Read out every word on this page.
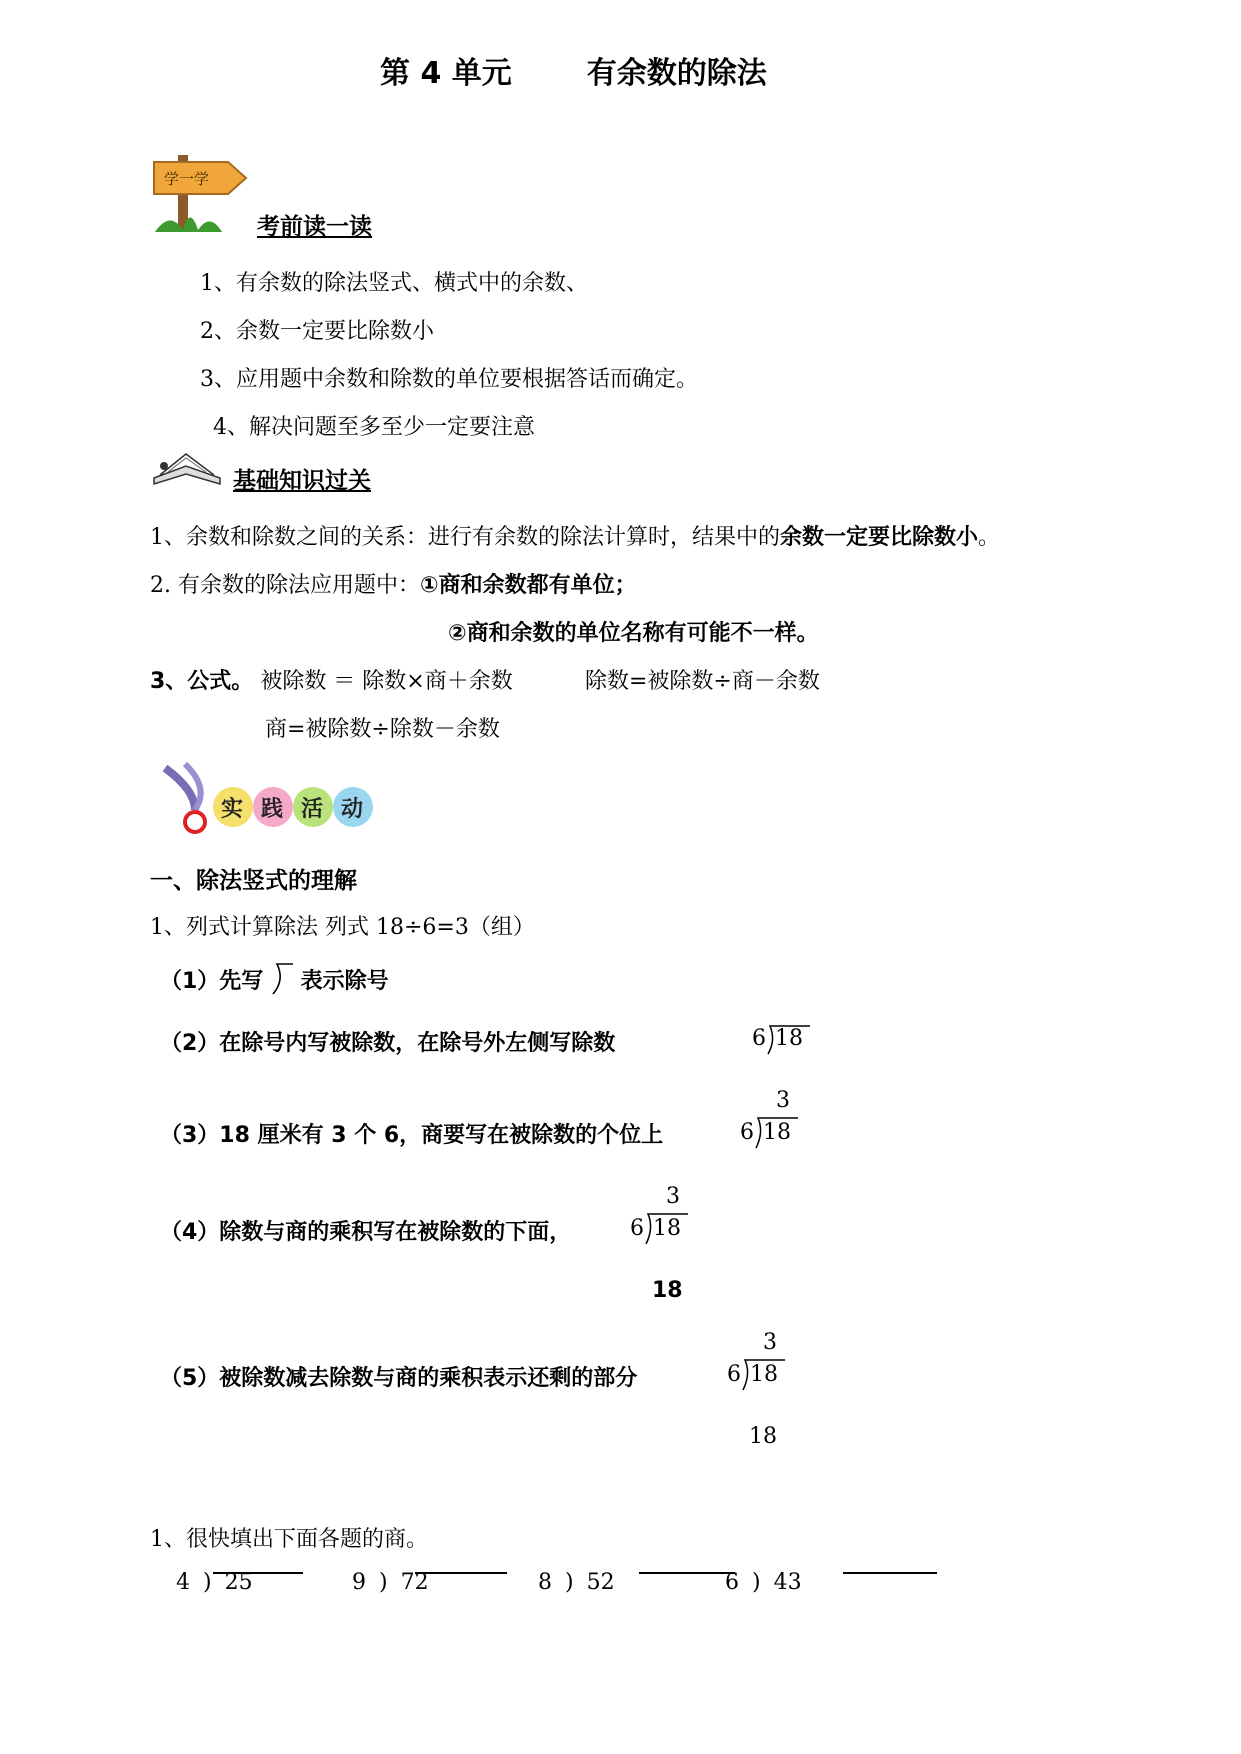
第 4 单元	有余数的除法
学一学
考前读一读
1、有余数的除法竖式、横式中的余数、
2、余数一定要比除数小
3、应用题中余数和除数的单位要根据答话而确定。
4、解决问题至多至少一定要注意
基础知识过关
1、余数和除数之间的关系：进行有余数的除法计算时，结果中的余数一定要比除数小。
2. 有余数的除法应用题中：①商和余数都有单位；
②商和余数的单位名称有可能不一样。
3、公式。 被除数 ＝ 除数×商＋余数	除数=被除数÷商－余数
商=被除数÷除数－余数
实 践 活 动
一、除法竖式的理解
1、列式计算除法 列式 18÷6=3（组）
（1）先写 表示除号
（2）在除号内写被除数，在除号外左侧写除数	6 18
（3）18 厘米有 3 个 6，商要写在被除数的个位上
3
6 18
（4）除数与商的乘积写在被除数的下面，
3
6 18
18
（5）被除数减去除数与商的乘积表示还剩的部分
3
6 18
18
1、很快填出下面各题的商。
4 ) 25	9 ) 72	8 ) 52	6 ) 43
